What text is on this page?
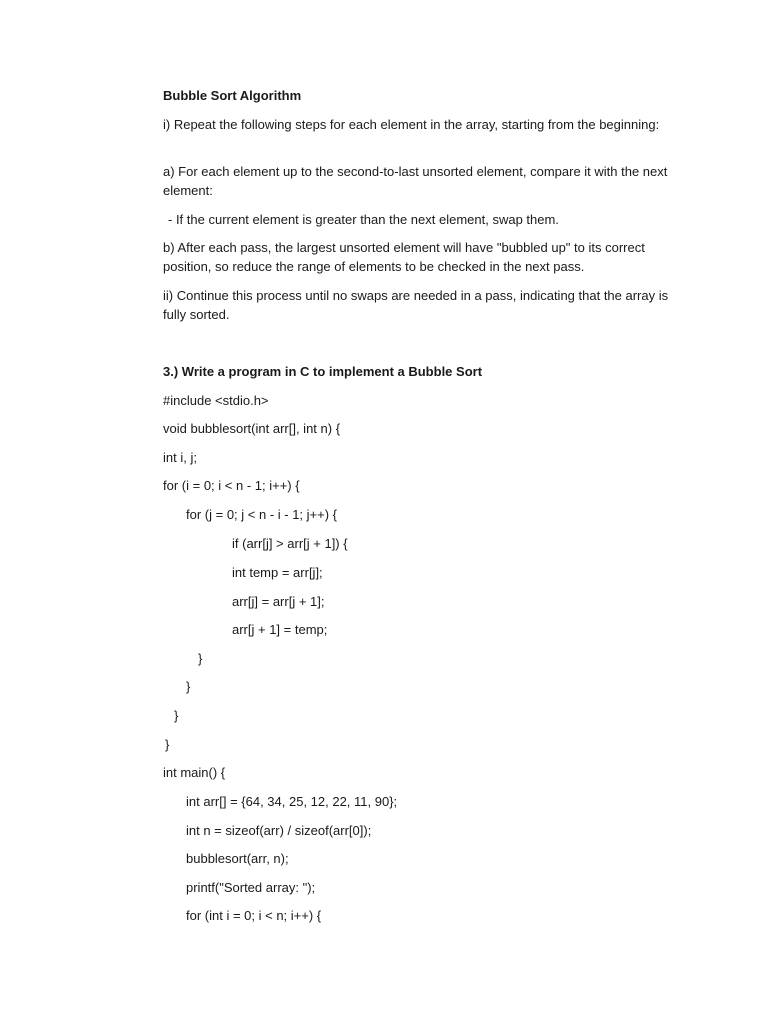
Bubble Sort Algorithm
i) Repeat the following steps for each element in the array, starting from the beginning:
a) For each element up to the second-to-last unsorted element, compare it with the next element:
- If the current element is greater than the next element, swap them.
b) After each pass, the largest unsorted element will have "bubbled up" to its correct position, so reduce the range of elements to be checked in the next pass.
ii) Continue this process until no swaps are needed in a pass, indicating that the array is fully sorted.
3.) Write a program in C to implement a Bubble Sort
#include <stdio.h>
void bubblesort(int arr[], int n) {
int i, j;
for (i = 0; i < n - 1; i++) {
for (j = 0; j < n - i - 1; j++) {
if (arr[j] > arr[j + 1]) {
int temp = arr[j];
arr[j] = arr[j + 1];
arr[j + 1] = temp;
}
}
}
}
int main() {
int arr[] = {64, 34, 25, 12, 22, 11, 90};
int n = sizeof(arr) / sizeof(arr[0]);
bubblesort(arr, n);
printf("Sorted array: ");
for (int i = 0; i < n; i++) {
